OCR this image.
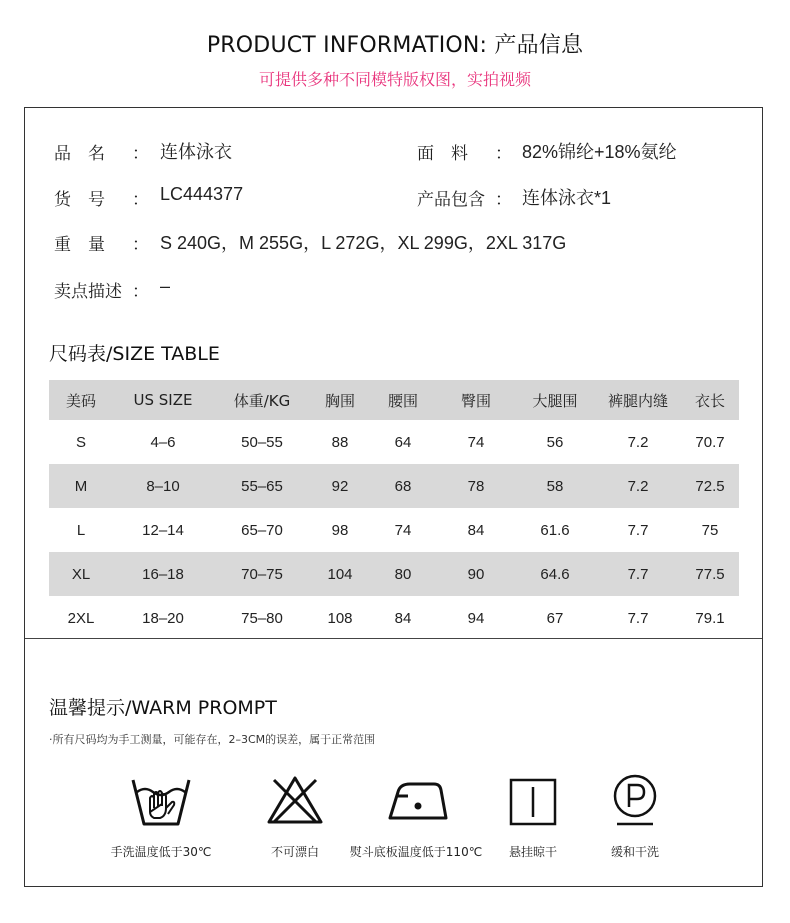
PRODUCT INFORMATION: 产品信息
可提供多种不同模特版权图，实拍视频
品　名 ： 连体泳衣	面　料 ： 82%锦纶+18%氨纶
货　号 ： LC444377	产品包含 ： 连体泳衣*1
重　量 ： S 240G，M 255G，L 272G，XL 299G，2XL 317G
卖点描述 ： –
尺码表/SIZE TABLE
美码	US SIZE	体重/KG	胸围	腰围	臀围	大腿围	裤腿内缝	衣长
S	4–6	50–55	88	64	74	56	7.2	70.7
M	8–10	55–65	92	68	78	58	7.2	72.5
L	12–14	65–70	98	74	84	61.6	7.7	75
XL	16–18	70–75	104	80	90	64.6	7.7	77.5
2XL	18–20	75–80	108	84	94	67	7.7	79.1
温馨提示/WARM PROMPT
·所有尺码均为手工测量，可能存在，2–3CM的误差，属于正常范围
手洗温度低于30℃	不可漂白	熨斗底板温度低于110℃	悬挂晾干	缓和干洗
